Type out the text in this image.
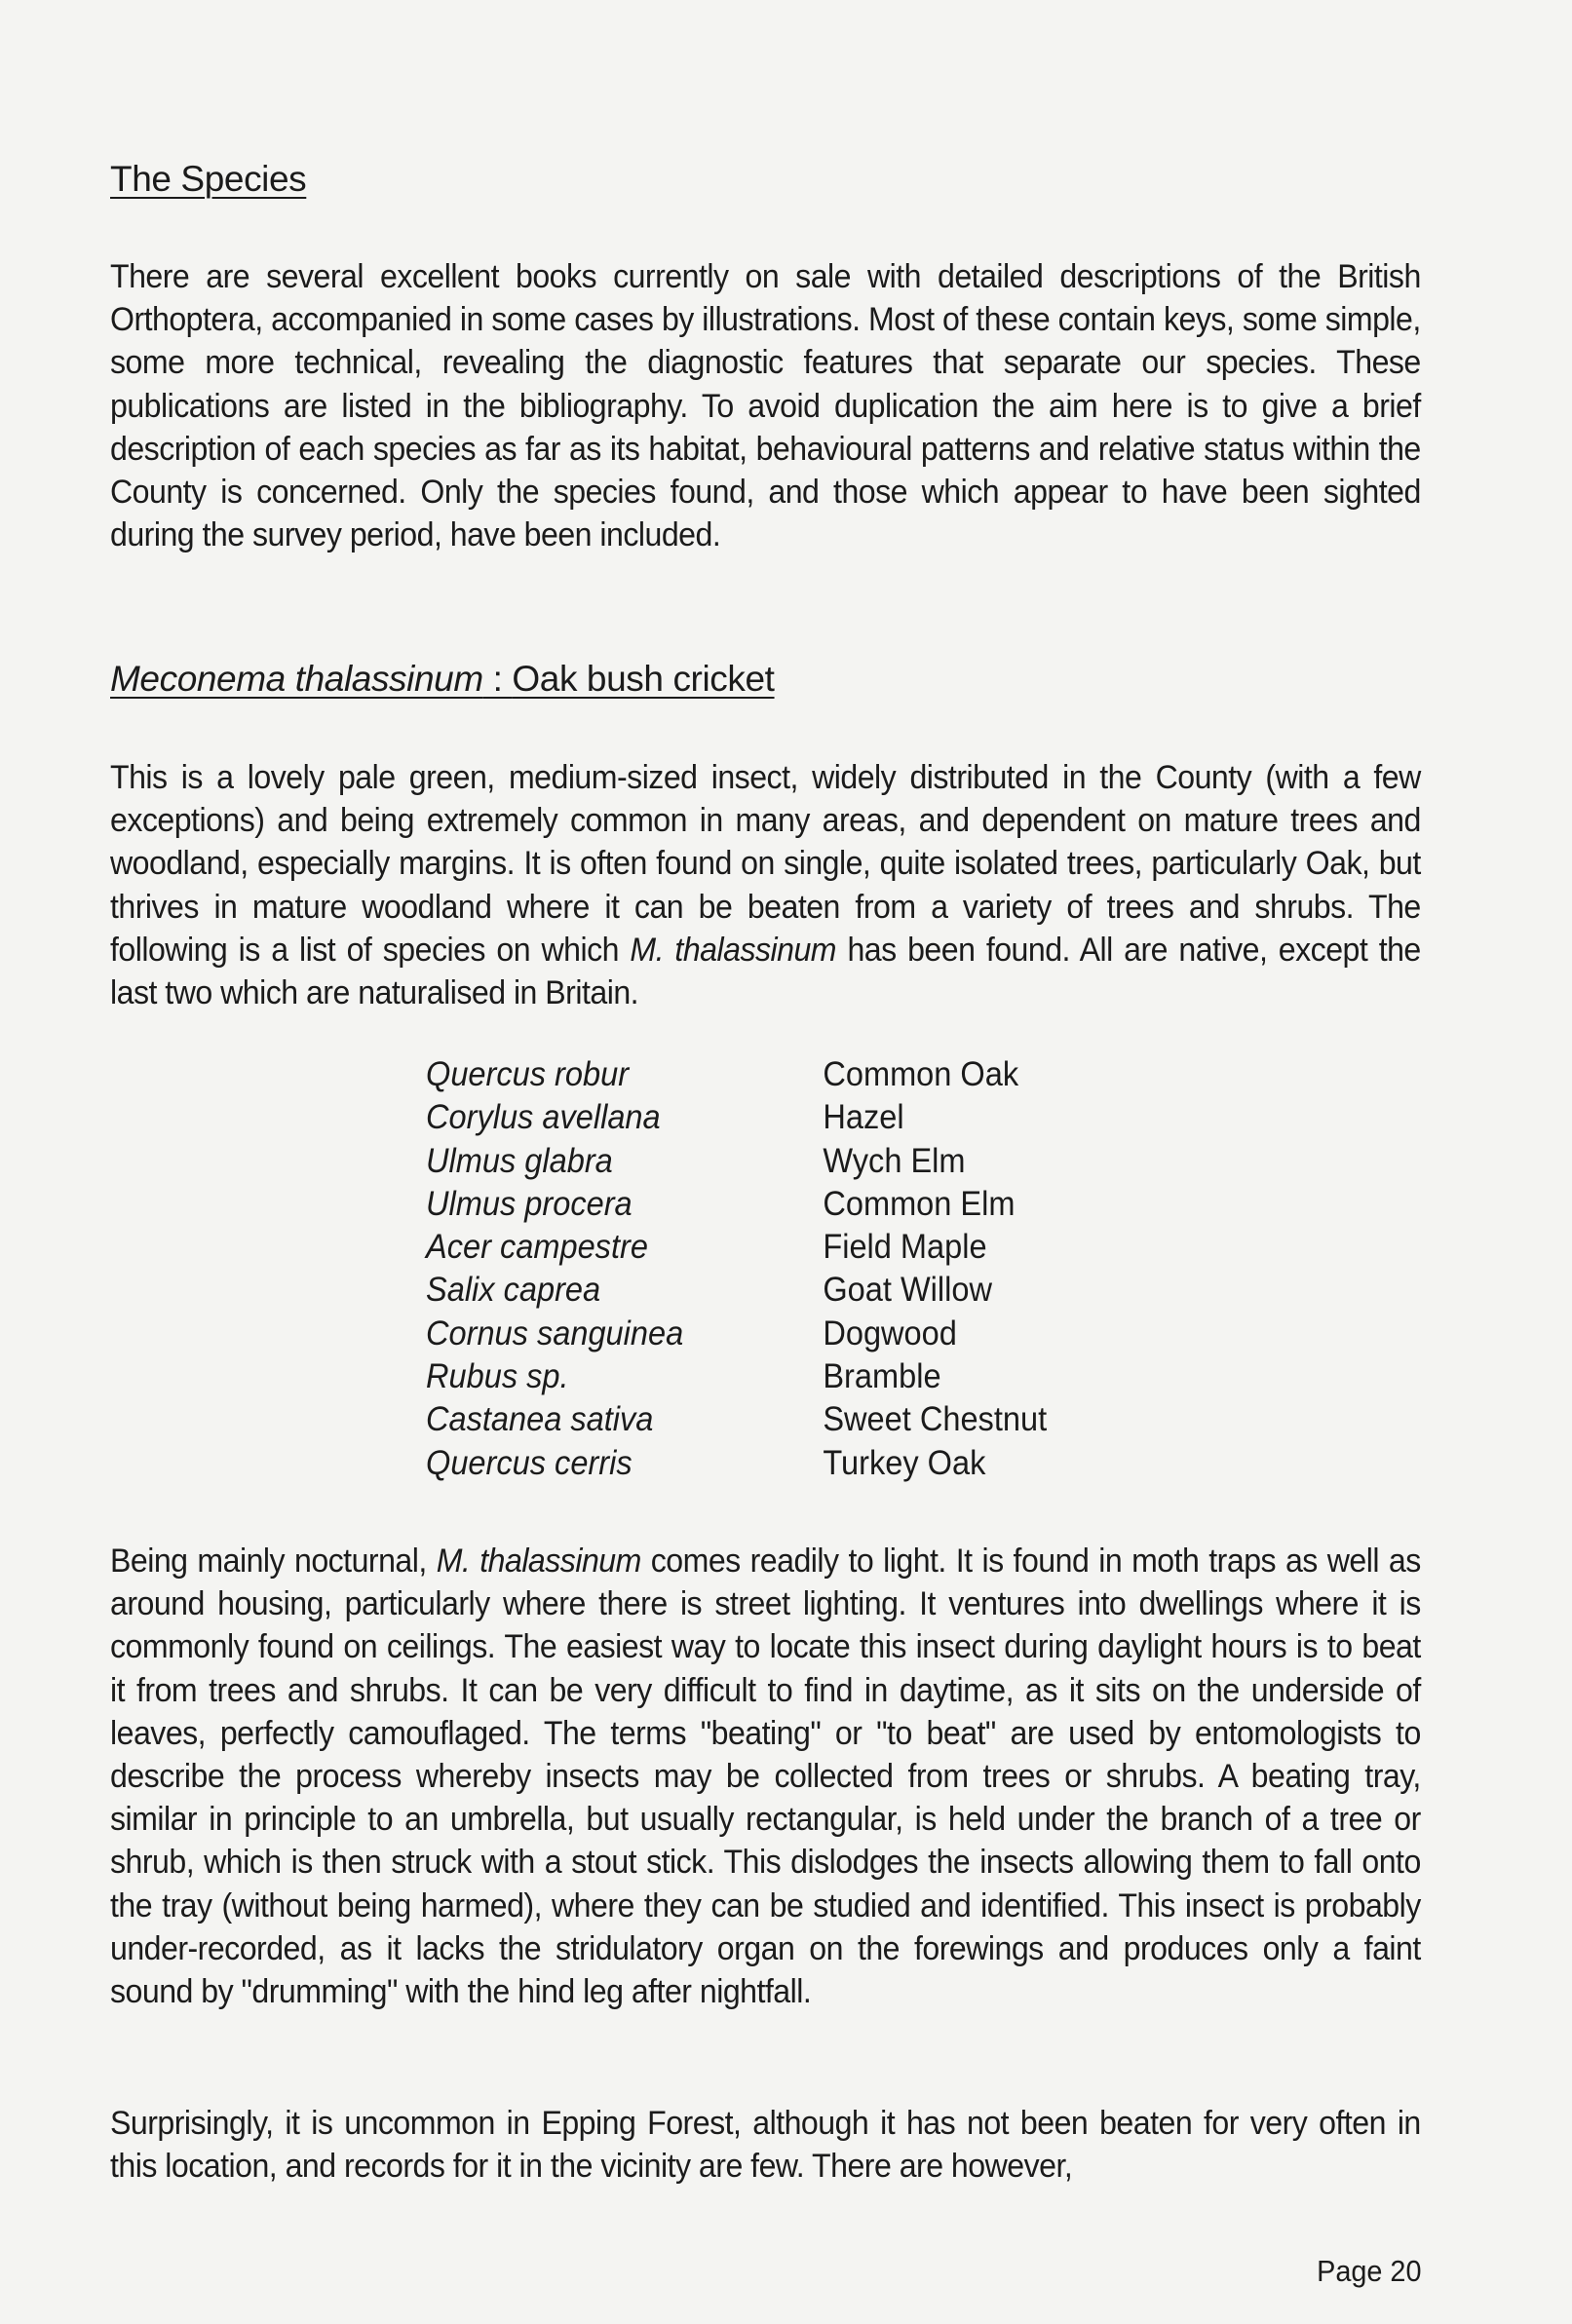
The Species

There are several excellent books currently on sale with detailed descriptions of the British Orthoptera, accompanied in some cases by illustrations. Most of these contain keys, some simple, some more technical, revealing the diagnostic features that separate our species. These publications are listed in the bibliography. To avoid duplication the aim here is to give a brief description of each species as far as its habitat, behavioural patterns and relative status within the County is concerned. Only the species found, and those which appear to have been sighted during the survey period, have been included.

Meconema thalassinum : Oak bush cricket

This is a lovely pale green, medium-sized insect, widely distributed in the County (with a few exceptions) and being extremely common in many areas, and dependent on mature trees and woodland, especially margins. It is often found on single, quite isolated trees, particularly Oak, but thrives in mature woodland where it can be beaten from a variety of trees and shrubs. The following is a list of species on which M. thalassinum has been found. All are native, except the last two which are naturalised in Britain.

Quercus robur	Common Oak
Corylus avellana	Hazel
Ulmus glabra	Wych Elm
Ulmus procera	Common Elm
Acer campestre	Field Maple
Salix caprea	Goat Willow
Cornus sanguinea	Dogwood
Rubus sp.	Bramble
Castanea sativa	Sweet Chestnut
Quercus cerris	Turkey Oak

Being mainly nocturnal, M. thalassinum comes readily to light. It is found in moth traps as well as around housing, particularly where there is street lighting. It ventures into dwellings where it is commonly found on ceilings. The easiest way to locate this insect during daylight hours is to beat it from trees and shrubs. It can be very difficult to find in daytime, as it sits on the underside of leaves, perfectly camouflaged. The terms "beating" or "to beat" are used by entomologists to describe the process whereby insects may be collected from trees or shrubs. A beating tray, similar in principle to an umbrella, but usually rectangular, is held under the branch of a tree or shrub, which is then struck with a stout stick. This dislodges the insects allowing them to fall onto the tray (without being harmed), where they can be studied and identified. This insect is probably under-recorded, as it lacks the stridulatory organ on the forewings and produces only a faint sound by "drumming" with the hind leg after nightfall.

Surprisingly, it is uncommon in Epping Forest, although it has not been beaten for very often in this location, and records for it in the vicinity are few. There are however,

Page 20
